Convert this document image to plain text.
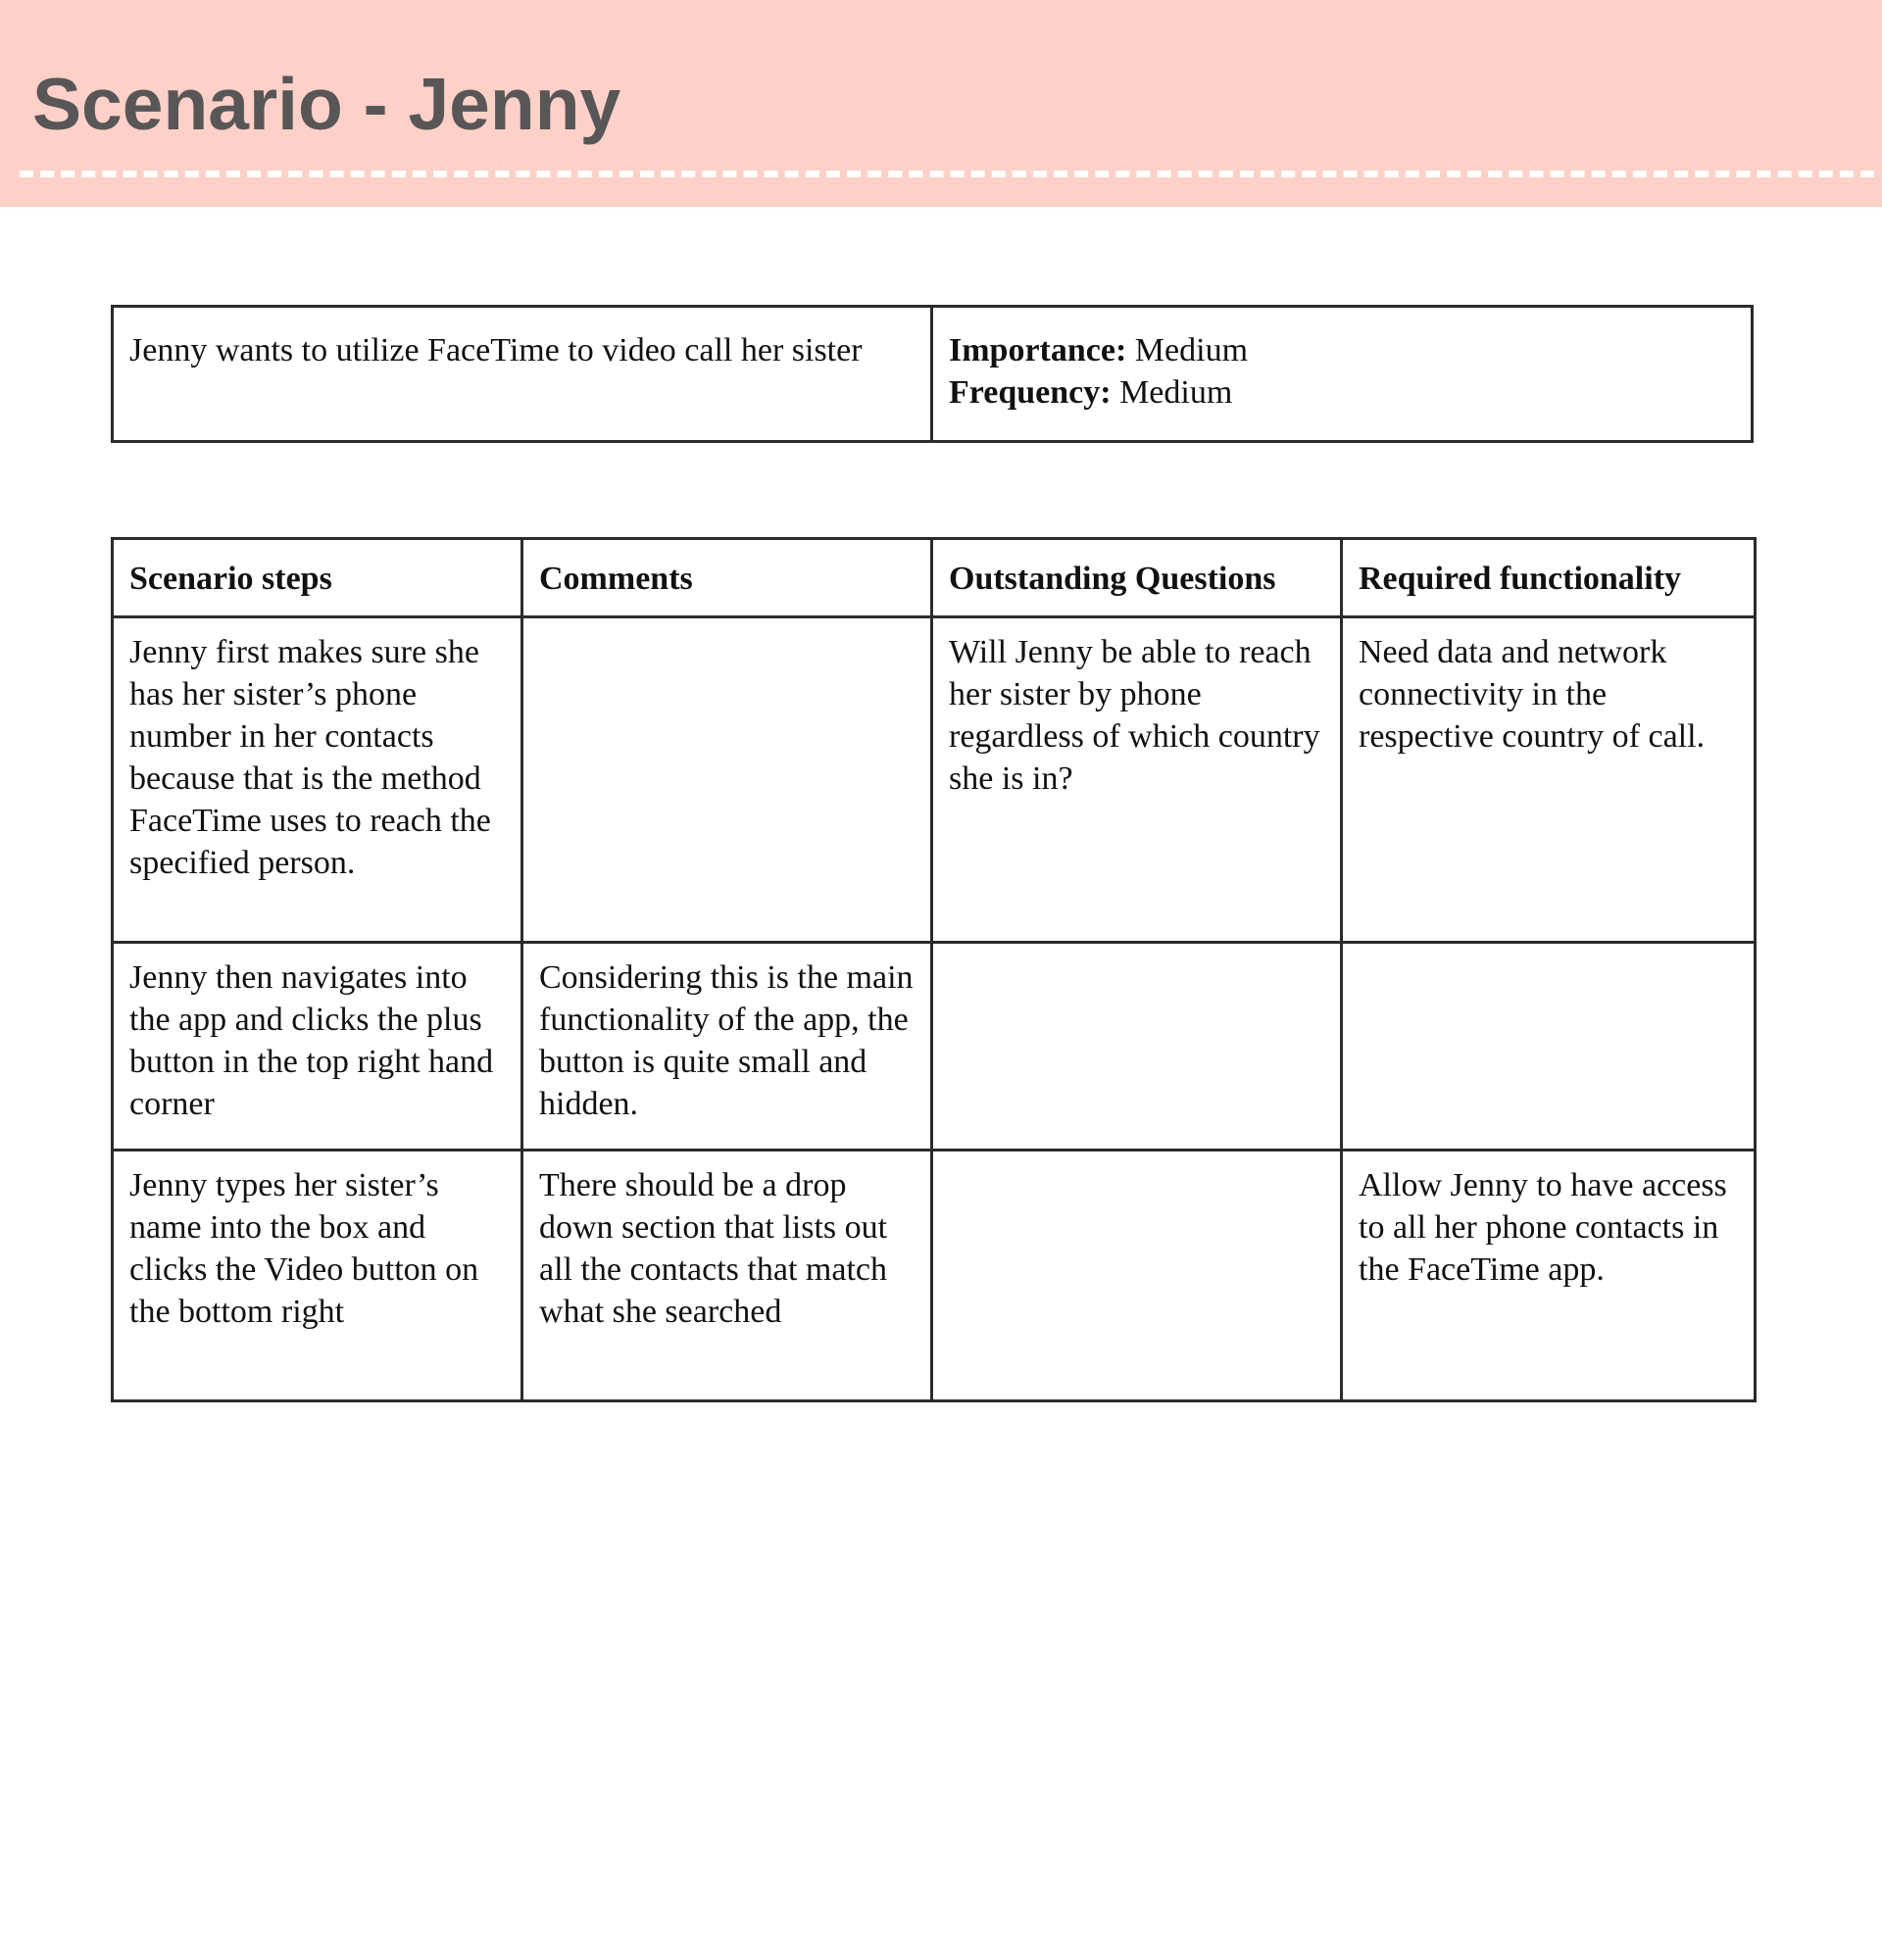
Scenario - Jenny
Jenny wants to utilize FaceTime to video call her sister	Importance: Medium
Frequency: Medium
Scenario steps	Comments	Outstanding Questions	Required functionality
Jenny first makes sure she has her sister’s phone number in her contacts because that is the method FaceTime uses to reach the specified person.		Will Jenny be able to reach her sister by phone regardless of which country she is in?	Need data and network connectivity in the respective country of call.
Jenny then navigates into the app and clicks the plus button in the top right hand corner	Considering this is the main functionality of the app, the button is quite small and hidden.		
Jenny types her sister’s name into the box and clicks the Video button on the bottom right	There should be a drop down section that lists out all the contacts that match what she searched		Allow Jenny to have access to all her phone contacts in the FaceTime app.
